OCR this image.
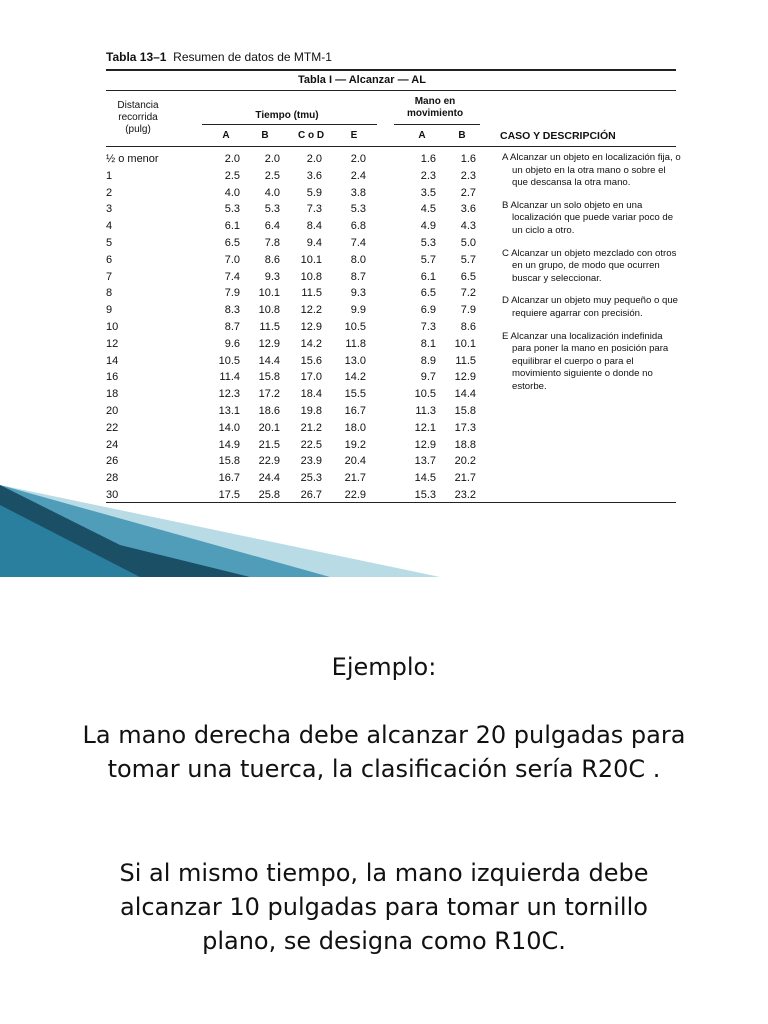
Tabla 13–1 Resumen de datos de MTM-1
Tabla I — Alcanzar — AL
Distancia
recorrida
(pulg)
Tiempo (tmu)
Mano en
movimiento
A	B	C o D	E	A	B	CASO Y DESCRIPCIÓN
½ o menor	2.0	2.0	2.0	2.0	1.6	1.6
1	2.5	2.5	3.6	2.4	2.3	2.3
2	4.0	4.0	5.9	3.8	3.5	2.7
3	5.3	5.3	7.3	5.3	4.5	3.6
4	6.1	6.4	8.4	6.8	4.9	4.3
5	6.5	7.8	9.4	7.4	5.3	5.0
6	7.0	8.6	10.1	8.0	5.7	5.7
7	7.4	9.3	10.8	8.7	6.1	6.5
8	7.9	10.1	11.5	9.3	6.5	7.2
9	8.3	10.8	12.2	9.9	6.9	7.9
10	8.7	11.5	12.9	10.5	7.3	8.6
12	9.6	12.9	14.2	11.8	8.1	10.1
14	10.5	14.4	15.6	13.0	8.9	11.5
16	11.4	15.8	17.0	14.2	9.7	12.9
18	12.3	17.2	18.4	15.5	10.5	14.4
20	13.1	18.6	19.8	16.7	11.3	15.8
22	14.0	20.1	21.2	18.0	12.1	17.3
24	14.9	21.5	22.5	19.2	12.9	18.8
26	15.8	22.9	23.9	20.4	13.7	20.2
28	16.7	24.4	25.3	21.7	14.5	21.7
30	17.5	25.8	26.7	22.9	15.3	23.2
A Alcanzar un objeto en localización fija, o un objeto en la otra mano o sobre el que descansa la otra mano.
B Alcanzar un solo objeto en una localización que puede variar poco de un ciclo a otro.
C Alcanzar un objeto mezclado con otros en un grupo, de modo que ocurren buscar y seleccionar.
D Alcanzar un objeto muy pequeño o que requiere agarrar con precisión.
E Alcanzar una localización indefinida para poner la mano en posición para equilibrar el cuerpo o para el movimiento siguiente o donde no estorbe.
Ejemplo:
La mano derecha debe alcanzar 20 pulgadas para tomar una tuerca, la clasificación sería R20C .
Si al mismo tiempo, la mano izquierda debe alcanzar 10 pulgadas para tomar un tornillo plano, se designa como R10C.
